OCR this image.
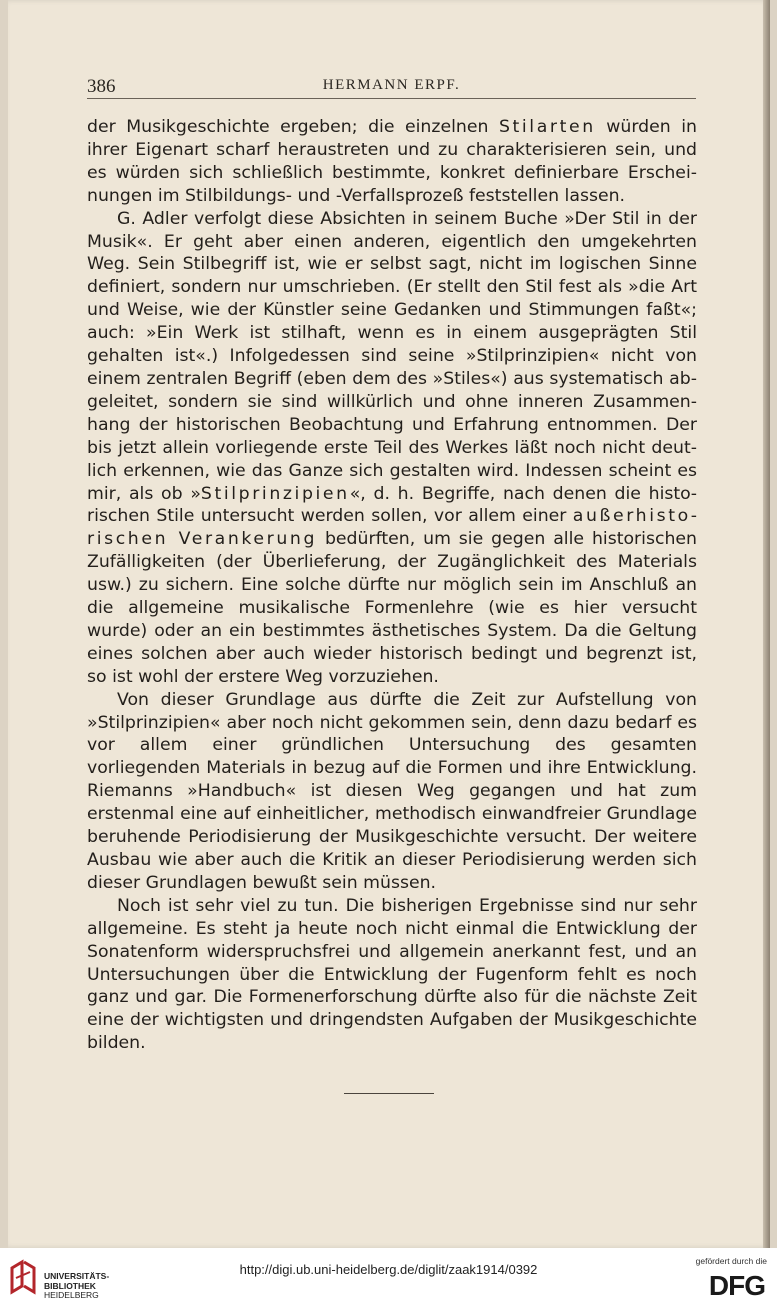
386	HERMANN ERPF.

der Musikgeschichte ergeben; die einzelnen Stilarten würden in ihrer Eigenart scharf heraustreten und zu charakterisieren sein, und es würden sich schließlich bestimmte, konkret definierbare Erscheinungen im Stilbildungs- und -Verfallsprozeß feststellen lassen.

G. Adler verfolgt diese Absichten in seinem Buche »Der Stil in der Musik«. Er geht aber einen anderen, eigentlich den umgekehrten Weg. Sein Stilbegriff ist, wie er selbst sagt, nicht im logischen Sinne definiert, sondern nur umschrieben. (Er stellt den Stil fest als »die Art und Weise, wie der Künstler seine Gedanken und Stimmungen faßt«; auch: »Ein Werk ist stilhaft, wenn es in einem ausgeprägten Stil gehalten ist«.) Infolgedessen sind seine »Stilprinzipien« nicht von einem zentralen Begriff (eben dem des »Stiles«) aus systematisch abgeleitet, sondern sie sind willkürlich und ohne inneren Zusammenhang der historischen Beobachtung und Erfahrung entnommen. Der bis jetzt allein vorliegende erste Teil des Werkes läßt noch nicht deutlich erkennen, wie das Ganze sich gestalten wird. Indessen scheint es mir, als ob »Stilprinzipien«, d. h. Begriffe, nach denen die historischen Stile untersucht werden sollen, vor allem einer außerhistorischen Verankerung bedürften, um sie gegen alle historischen Zufälligkeiten (der Überlieferung, der Zugänglichkeit des Materials usw.) zu sichern. Eine solche dürfte nur möglich sein im Anschluß an die allgemeine musikalische Formenlehre (wie es hier versucht wurde) oder an ein bestimmtes ästhetisches System. Da die Geltung eines solchen aber auch wieder historisch bedingt und begrenzt ist, so ist wohl der erstere Weg vorzuziehen.

Von dieser Grundlage aus dürfte die Zeit zur Aufstellung von »Stilprinzipien« aber noch nicht gekommen sein, denn dazu bedarf es vor allem einer gründlichen Untersuchung des gesamten vorliegenden Materials in bezug auf die Formen und ihre Entwicklung. Riemanns »Handbuch« ist diesen Weg gegangen und hat zum erstenmal eine auf einheitlicher, methodisch einwandfreier Grundlage beruhende Periodisierung der Musikgeschichte versucht. Der weitere Ausbau wie aber auch die Kritik an dieser Periodisierung werden sich dieser Grundlagen bewußt sein müssen.

Noch ist sehr viel zu tun. Die bisherigen Ergebnisse sind nur sehr allgemeine. Es steht ja heute noch nicht einmal die Entwicklung der Sonatenform widerspruchsfrei und allgemein anerkannt fest, und an Untersuchungen über die Entwicklung der Fugenform fehlt es noch ganz und gar. Die Formenerforschung dürfte also für die nächste Zeit eine der wichtigsten und dringendsten Aufgaben der Musikgeschichte bilden.

UNIVERSITÄTS-
BIBLIOTHEK
HEIDELBERG
http://digi.ub.uni-heidelberg.de/diglit/zaak1914/0392
gefördert durch die
DFG
